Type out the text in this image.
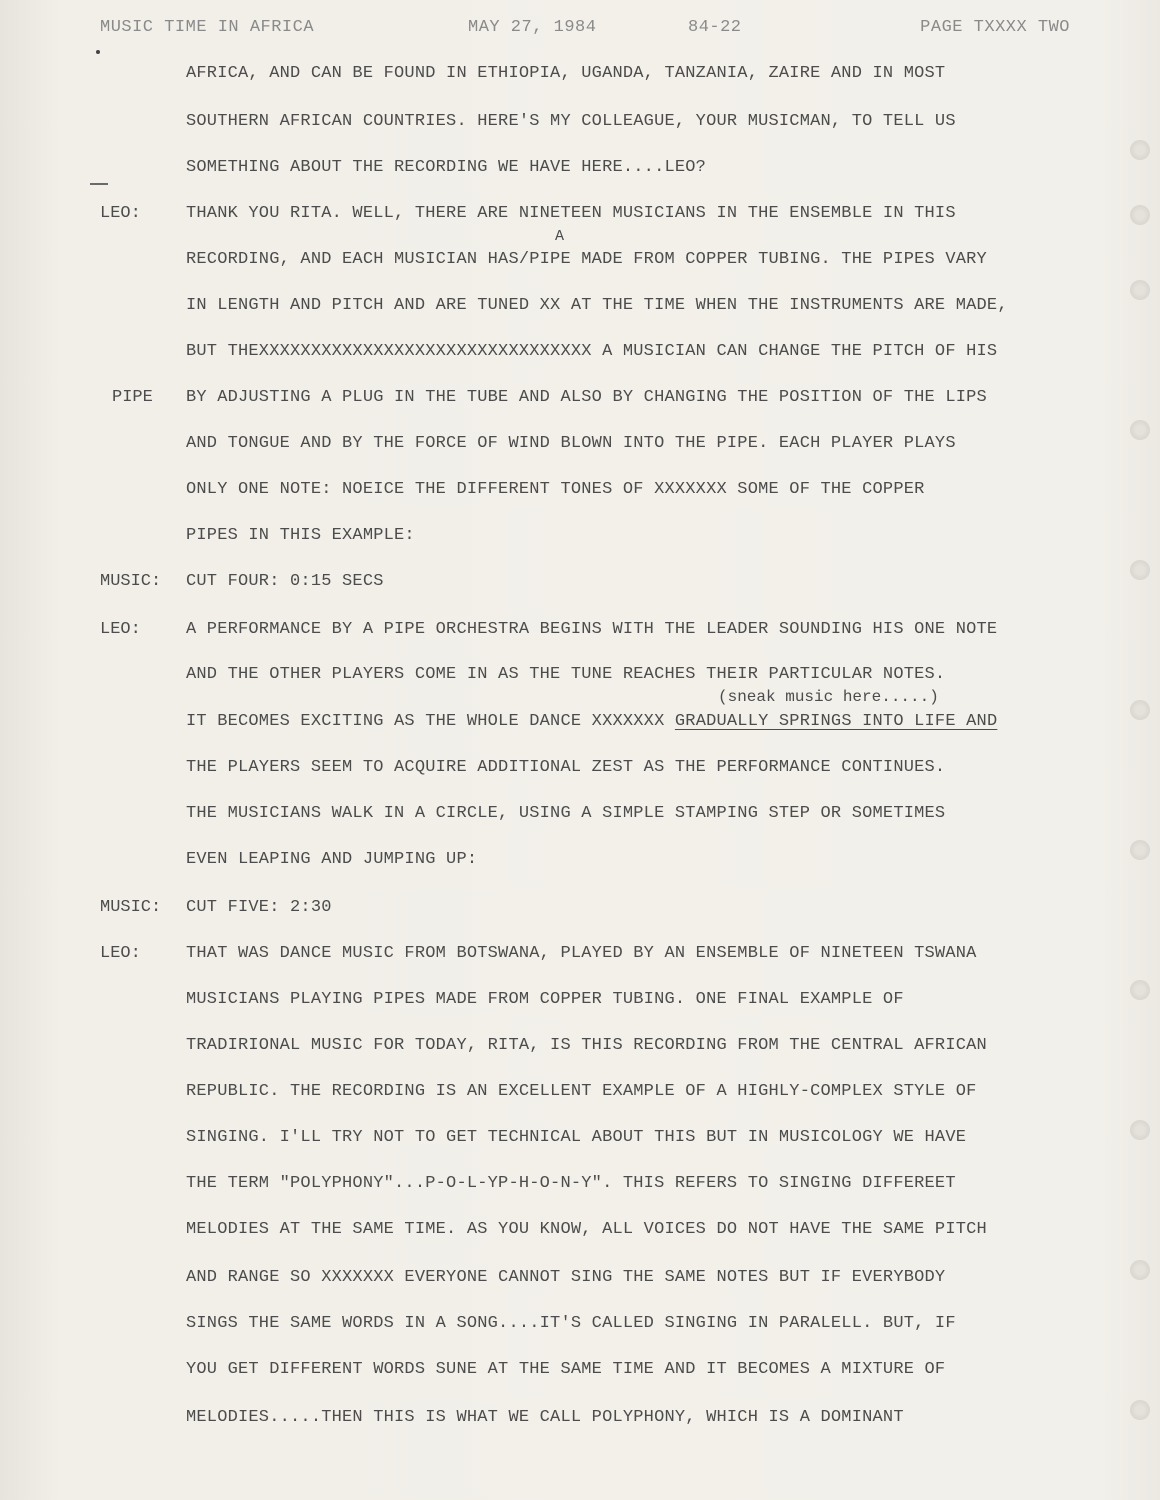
MUSIC TIME IN AFRICA	MAY 27, 1984	84-22	PAGE TXXXX TWO
LEO:
MUSIC:
LEO:
MUSIC:
LEO:
PIPE
A
(sneak music here.....)
AFRICA, AND CAN BE FOUND IN ETHIOPIA, UGANDA, TANZANIA, ZAIRE AND IN MOST
SOUTHERN AFRICAN COUNTRIES. HERE'S MY COLLEAGUE, YOUR MUSICMAN, TO TELL US
SOMETHING ABOUT THE RECORDING WE HAVE HERE....LEO?
THANK YOU RITA. WELL, THERE ARE NINETEEN MUSICIANS IN THE ENSEMBLE IN THIS
RECORDING, AND EACH MUSICIAN HAS/PIPE MADE FROM COPPER TUBING. THE PIPES VARY
IN LENGTH AND PITCH AND ARE TUNED XX AT THE TIME WHEN THE INSTRUMENTS ARE MADE,
BUT THEXXXXXXXXXXXXXXXXXXXXXXXXXXXXXXXX A MUSICIAN CAN CHANGE THE PITCH OF HIS
BY ADJUSTING A PLUG IN THE TUBE AND ALSO BY CHANGING THE POSITION OF THE LIPS
AND TONGUE AND BY THE FORCE OF WIND BLOWN INTO THE PIPE. EACH PLAYER PLAYS
ONLY ONE NOTE: NOEICE THE DIFFERENT TONES OF XXXXXXX SOME OF THE COPPER
PIPES IN THIS EXAMPLE:
CUT FOUR: 0:15 SECS
A PERFORMANCE BY A PIPE ORCHESTRA BEGINS WITH THE LEADER SOUNDING HIS ONE NOTE
AND THE OTHER PLAYERS COME IN AS THE TUNE REACHES THEIR PARTICULAR NOTES.
IT BECOMES EXCITING AS THE WHOLE DANCE XXXXXXX GRADUALLY SPRINGS INTO LIFE AND
THE PLAYERS SEEM TO ACQUIRE ADDITIONAL ZEST AS THE PERFORMANCE CONTINUES.
THE MUSICIANS WALK IN A CIRCLE, USING A SIMPLE STAMPING STEP OR SOMETIMES
EVEN LEAPING AND JUMPING UP:
CUT FIVE: 2:30
THAT WAS DANCE MUSIC FROM BOTSWANA, PLAYED BY AN ENSEMBLE OF NINETEEN TSWANA
MUSICIANS PLAYING PIPES MADE FROM COPPER TUBING. ONE FINAL EXAMPLE OF
TRADIRIONAL MUSIC FOR TODAY, RITA, IS THIS RECORDING FROM THE CENTRAL AFRICAN
REPUBLIC. THE RECORDING IS AN EXCELLENT EXAMPLE OF A HIGHLY-COMPLEX STYLE OF
SINGING. I'LL TRY NOT TO GET TECHNICAL ABOUT THIS BUT IN MUSICOLOGY WE HAVE
THE TERM "POLYPHONY"...P-O-L-YP-H-O-N-Y". THIS REFERS TO SINGING DIFFEREET
MELODIES AT THE SAME TIME. AS YOU KNOW, ALL VOICES DO NOT HAVE THE SAME PITCH
AND RANGE SO XXXXXXX EVERYONE CANNOT SING THE SAME NOTES BUT IF EVERYBODY
SINGS THE SAME WORDS IN A SONG....IT'S CALLED SINGING IN PARALELL. BUT, IF
YOU GET DIFFERENT WORDS SUNE AT THE SAME TIME AND IT BECOMES A MIXTURE OF
MELODIES.....THEN THIS IS WHAT WE CALL POLYPHONY, WHICH IS A DOMINANT
